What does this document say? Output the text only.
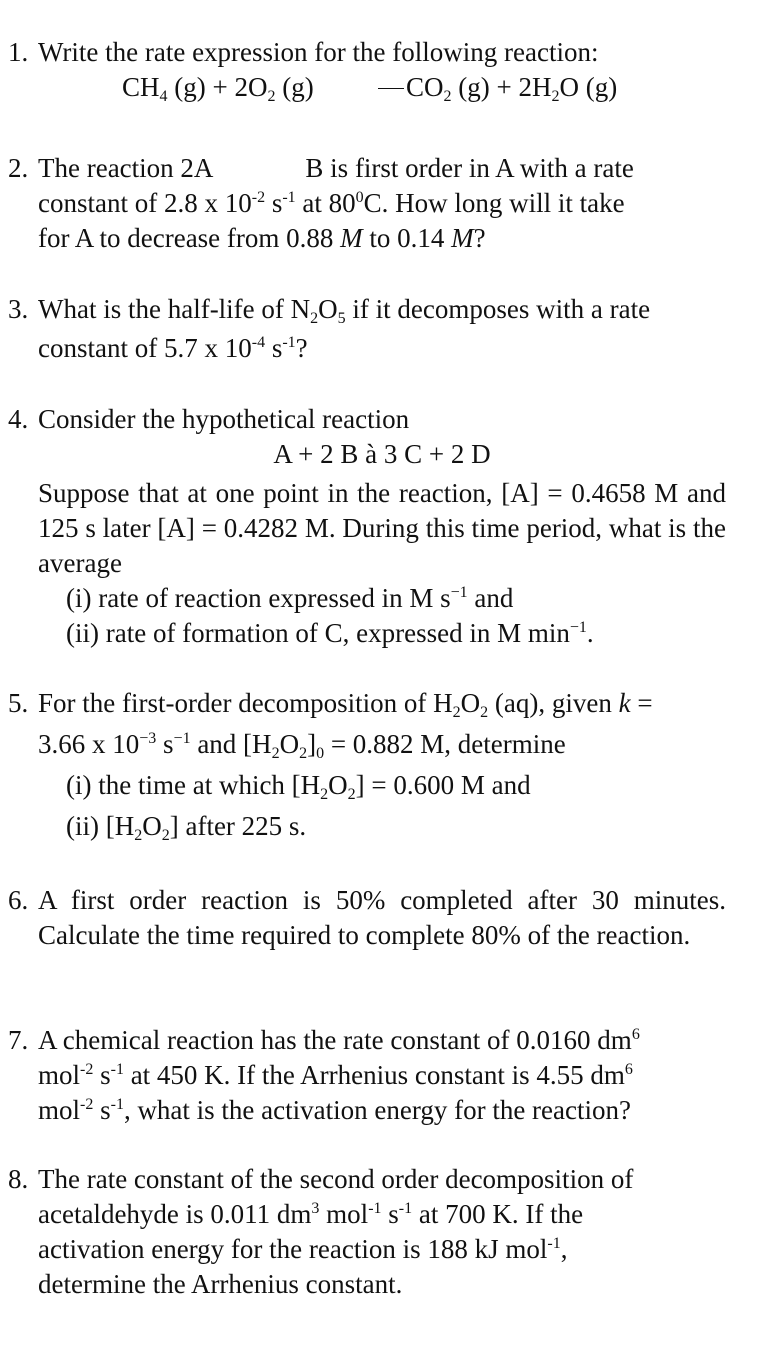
1. Write the rate expression for the following reaction:
$CH_4$ $(g) + 2O_2$ (g)	$CO_2$ $(g) + 2H_2O$ (g)
2. The reaction 2A	B is first order in A with a rate
constant of 2.8 x $10^{-2}$ $s^{-1}$ at $80^0C$. How long will it take
for A to decrease from 0.88 M to 0.14 M?
3. What is the half-life of $N_2O_5$ if it decomposes with a rate
constant of 5.7 x $10^{-4}$ $s^{-1}$?
4. Consider the hypothetical reaction
A + 2 B à 3 C + 2 D
Suppose that at one point in the reaction, [A] = 0.4658 M and 125 s later [A] = 0.4282 M. During this time period, what is the average
(i) rate of reaction expressed in M $s^{-1}$ and
(ii) rate of formation of C, expressed in M $\min^{-1}$.
5. For the first-order decomposition of $H_2O_2$ (aq), given k =
3.66 x $10^{-3}$ $s^{-1}$ and $[H_2O_2]_0 = 0.882$ M, determine
(i) the time at which $[H_2O_2] = 0.600$ M and
(ii) $[H_2O_2]$ after 225 s.
6. A first order reaction is 50% completed after 30 minutes. Calculate the time required to complete 80% of the reaction.
7. A chemical reaction has the rate constant of 0.0160 $dm^6$
mol$^{-2}$ $s^{-1}$ at 450 K. If the Arrhenius constant is 4.55 $dm^6$
mol$^{-2}$ $s^{-1}$, what is the activation energy for the reaction?
8. The rate constant of the second order decomposition of
acetaldehyde is 0.011 $dm^3$ mol$^{-1}$ $s^{-1}$ at 700 K. If the
activation energy for the reaction is 188 kJ mol$^{-1}$,
determine the Arrhenius constant.
